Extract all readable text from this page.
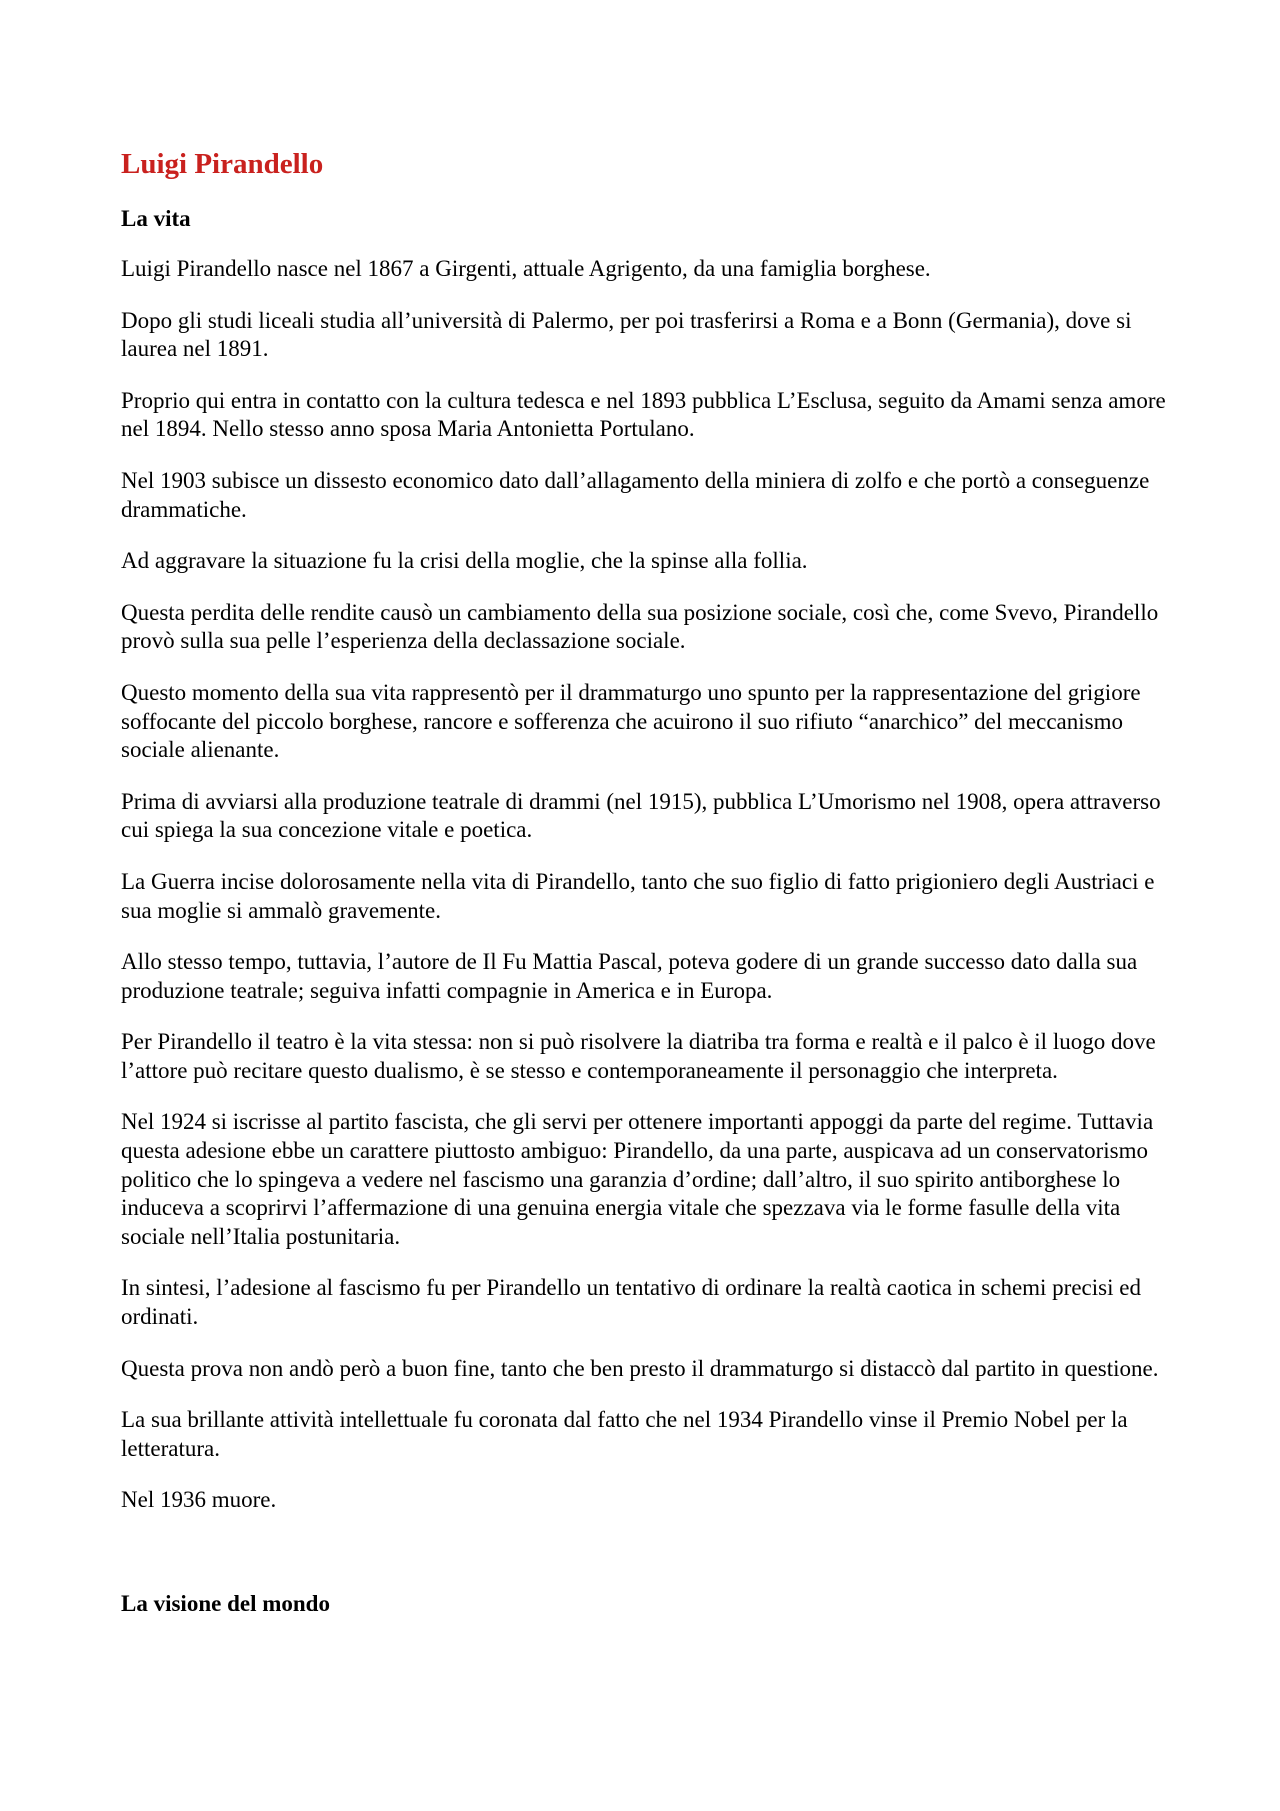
Luigi Pirandello
La vita

Luigi Pirandello nasce nel 1867 a Girgenti, attuale Agrigento, da una famiglia borghese.

Dopo gli studi liceali studia all’università di Palermo, per poi trasferirsi a Roma e a Bonn (Germania), dove si laurea nel 1891.

Proprio qui entra in contatto con la cultura tedesca e nel 1893 pubblica L’Esclusa, seguito da Amami senza amore nel 1894. Nello stesso anno sposa Maria Antonietta Portulano.

Nel 1903 subisce un dissesto economico dato dall’allagamento della miniera di zolfo e che portò a conseguenze drammatiche.

Ad aggravare la situazione fu la crisi della moglie, che la spinse alla follia.

Questa perdita delle rendite causò un cambiamento della sua posizione sociale, così che, come Svevo, Pirandello provò sulla sua pelle l’esperienza della declassazione sociale.

Questo momento della sua vita rappresentò per il drammaturgo uno spunto per la rappresentazione del grigiore soffocante del piccolo borghese, rancore e sofferenza che acuirono il suo rifiuto “anarchico” del meccanismo sociale alienante.

Prima di avviarsi alla produzione teatrale di drammi (nel 1915), pubblica L’Umorismo nel 1908, opera attraverso cui spiega la sua concezione vitale e poetica.

La Guerra incise dolorosamente nella vita di Pirandello, tanto che suo figlio di fatto prigioniero degli Austriaci e sua moglie si ammalò gravemente.

Allo stesso tempo, tuttavia, l’autore de Il Fu Mattia Pascal, poteva godere di un grande successo dato dalla sua produzione teatrale; seguiva infatti compagnie in America e in Europa.

Per Pirandello il teatro è la vita stessa: non si può risolvere la diatriba tra forma e realtà e il palco è il luogo dove l’attore può recitare questo dualismo, è se stesso e contemporaneamente il personaggio che interpreta.

Nel 1924 si iscrisse al partito fascista, che gli servi per ottenere importanti appoggi da parte del regime. Tuttavia questa adesione ebbe un carattere piuttosto ambiguo: Pirandello, da una parte, auspicava ad un conservatorismo politico che lo spingeva a vedere nel fascismo una garanzia d’ordine; dall’altro, il suo spirito antiborghese lo induceva a scoprirvi l’affermazione di una genuina energia vitale che spezzava via le forme fasulle della vita sociale nell’Italia postunitaria.

In sintesi, l’adesione al fascismo fu per Pirandello un tentativo di ordinare la realtà caotica in schemi precisi ed ordinati.

Questa prova non andò però a buon fine, tanto che ben presto il drammaturgo si distaccò dal partito in questione.

La sua brillante attività intellettuale fu coronata dal fatto che nel 1934 Pirandello vinse il Premio Nobel per la letteratura.

Nel 1936 muore.

La visione del mondo
